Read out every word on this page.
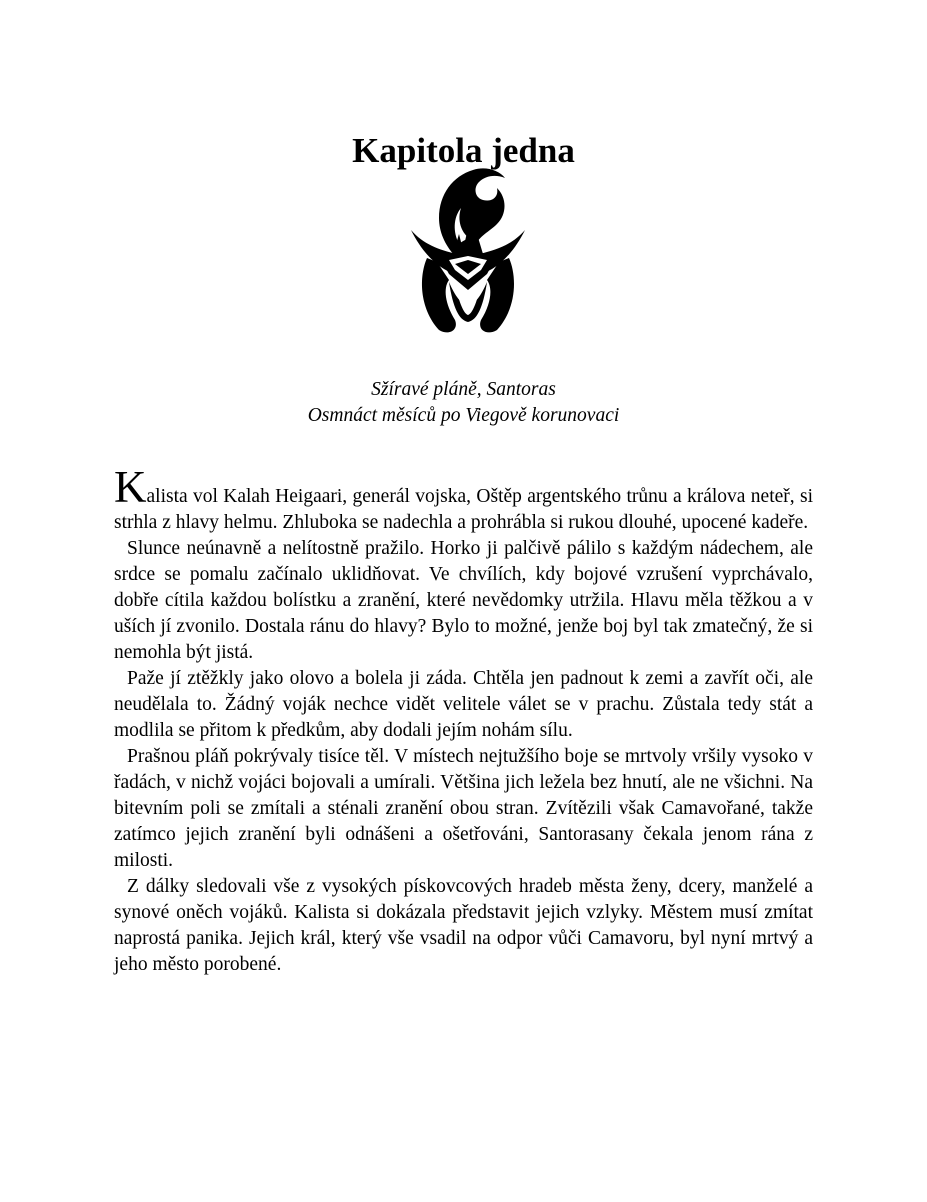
Kapitola jedna
Sžíravé pláně, Santoras
Osmnáct měsíců po Viegově korunovaci

Kalista vol Kalah Heigaari, generál vojska, Oštěp argentského trůnu a králova neteř, si strhla z hlavy helmu. Zhluboka se nadechla a prohrábla si rukou dlouhé, upocené kadeře.

Slunce neúnavně a nelítostně pražilo. Horko ji palčivě pálilo s každým nádechem, ale srdce se pomalu začínalo uklidňovat. Ve chvílích, kdy bojové vzrušení vyprchávalo, dobře cítila každou bolístku a zranění, které nevědomky utržila. Hlavu měla těžkou a v uších jí zvonilo. Dostala ránu do hlavy? Bylo to možné, jenže boj byl tak zmatečný, že si nemohla být jistá.

Paže jí ztěžkly jako olovo a bolela ji záda. Chtěla jen padnout k zemi a zavřít oči, ale neudělala to. Žádný voják nechce vidět velitele válet se v prachu. Zůstala tedy stát a modlila se přitom k předkům, aby dodali jejím nohám sílu.

Prašnou pláň pokrývaly tisíce těl. V místech nejtužšího boje se mrtvoly vršily vysoko v řadách, v nichž vojáci bojovali a umírali. Většina jich ležela bez hnutí, ale ne všichni. Na bitevním poli se zmítali a sténali zranění obou stran. Zvítězili však Camavořané, takže zatímco jejich zranění byli odnášeni a ošetřováni, Santorasany čekala jenom rána z milosti.

Z dálky sledovali vše z vysokých pískovcových hradeb města ženy, dcery, manželé a synové oněch vojáků. Kalista si dokázala představit jejich vzlyky. Městem musí zmítat naprostá panika. Jejich král, který vše vsadil na odpor vůči Camavoru, byl nyní mrtvý a jeho město porobené.
